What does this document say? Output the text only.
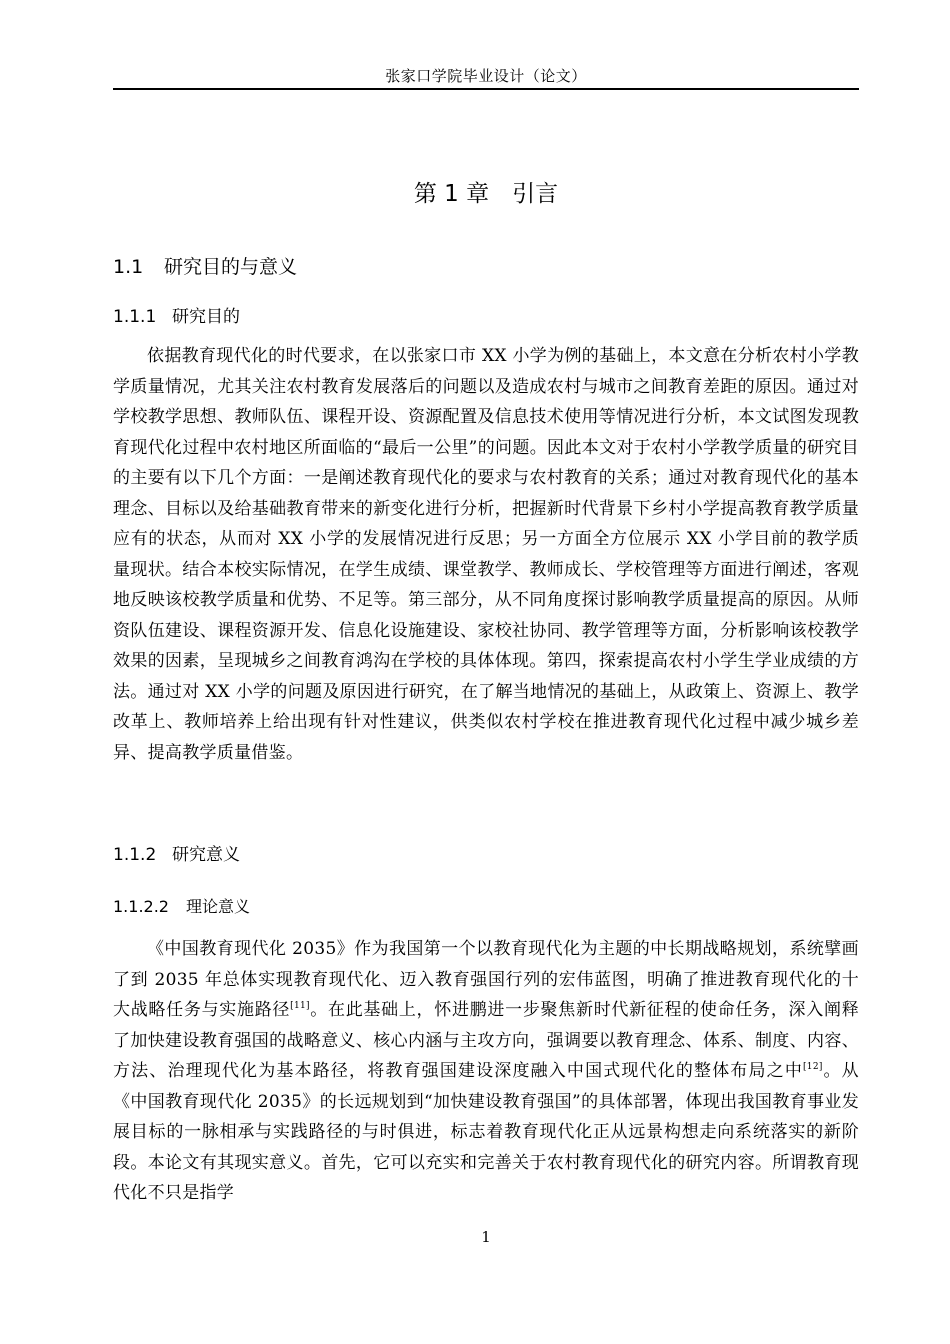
张家口学院毕业设计（论文）
第 1 章　引言
1.1 研究目的与意义
1.1.1 研究目的

依据教育现代化的时代要求，在以张家口市 XX 小学为例的基础上，本文意在分析农村小学教学质量情况，尤其关注农村教育发展落后的问题以及造成农村与城市之间教育差距的原因。通过对学校教学思想、教师队伍、课程开设、资源配置及信息技术使用等情况进行分析，本文试图发现教育现代化过程中农村地区所面临的“最后一公里”的问题。因此本文对于农村小学教学质量的研究目的主要有以下几个方面：一是阐述教育现代化的要求与农村教育的关系；通过对教育现代化的基本理念、目标以及给基础教育带来的新变化进行分析，把握新时代背景下乡村小学提高教育教学质量应有的状态，从而对 XX 小学的发展情况进行反思；另一方面全方位展示 XX 小学目前的教学质量现状。结合本校实际情况，在学生成绩、课堂教学、教师成长、学校管理等方面进行阐述，客观地反映该校教学质量和优势、不足等。第三部分，从不同角度探讨影响教学质量提高的原因。从师资队伍建设、课程资源开发、信息化设施建设、家校社协同、教学管理等方面，分析影响该校教学效果的因素，呈现城乡之间教育鸿沟在学校的具体体现。第四，探索提高农村小学生学业成绩的方法。通过对 XX 小学的问题及原因进行研究，在了解当地情况的基础上，从政策上、资源上、教学改革上、教师培养上给出现有针对性建议，供类似农村学校在推进教育现代化过程中减少城乡差异、提高教学质量借鉴。

1.1.2 研究意义
1.1.2.2 理论意义

《中国教育现代化 2035》作为我国第一个以教育现代化为主题的中长期战略规划，系统擘画了到 2035 年总体实现教育现代化、迈入教育强国行列的宏伟蓝图，明确了推进教育现代化的十大战略任务与实施路径[11]。在此基础上，怀进鹏进一步聚焦新时代新征程的使命任务，深入阐释了加快建设教育强国的战略意义、核心内涵与主攻方向，强调要以教育理念、体系、制度、内容、方法、治理现代化为基本路径，将教育强国建设深度融入中国式现代化的整体布局之中[12]。从《中国教育现代化 2035》的长远规划到“加快建设教育强国”的具体部署，体现出我国教育事业发展目标的一脉相承与实践路径的与时俱进，标志着教育现代化正从远景构想走向系统落实的新阶段。本论文有其现实意义。首先，它可以充实和完善关于农村教育现代化的研究内容。所谓教育现代化不只是指学

1
